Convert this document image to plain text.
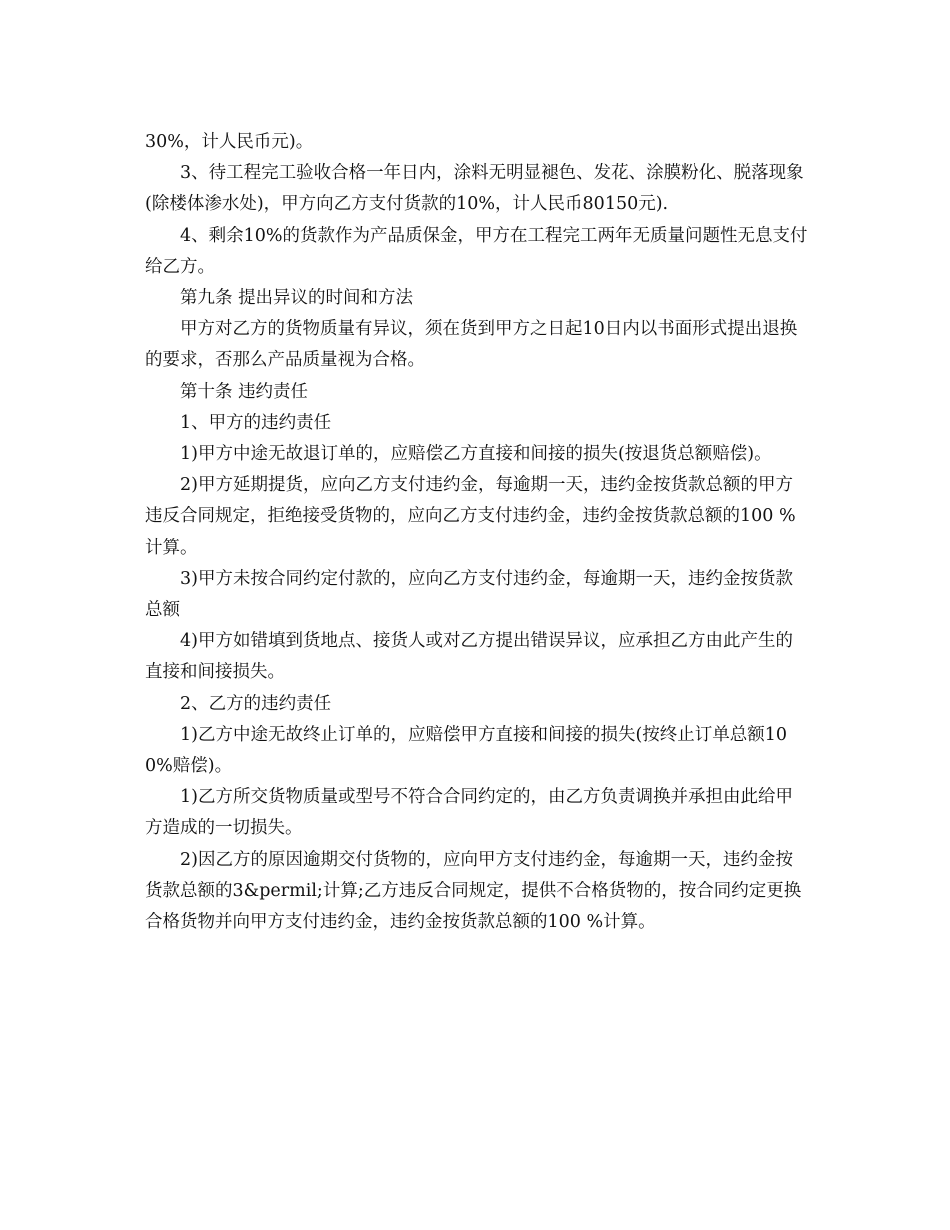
30%，计人民币元)。

3、待工程完工验收合格一年日内，涂料无明显褪色、发花、涂膜粉化、脱落现象(除楼体渗水处)，甲方向乙方支付货款的10%，计人民币80150元).

4、剩余10%的货款作为产品质保金，甲方在工程完工两年无质量问题性无息支付给乙方。

第九条 提出异议的时间和方法

甲方对乙方的货物质量有异议，须在货到甲方之日起10日内以书面形式提出退换的要求，否那么产品质量视为合格。

第十条 违约责任

1、甲方的违约责任

1)甲方中途无故退订单的，应赔偿乙方直接和间接的损失(按退货总额赔偿)。

2)甲方延期提货，应向乙方支付违约金，每逾期一天，违约金按货款总额的甲方违反合同规定，拒绝接受货物的，应向乙方支付违约金，违约金按货款总额的100 %计算。

3)甲方未按合同约定付款的，应向乙方支付违约金，每逾期一天，违约金按货款总额

4)甲方如错填到货地点、接货人或对乙方提出错误异议，应承担乙方由此产生的直接和间接损失。

2、乙方的违约责任

1)乙方中途无故终止订单的，应赔偿甲方直接和间接的损失(按终止订单总额100%赔偿)。

1)乙方所交货物质量或型号不符合合同约定的，由乙方负责调换并承担由此给甲方造成的一切损失。

2)因乙方的原因逾期交付货物的，应向甲方支付违约金，每逾期一天，违约金按货款总额的3&permil;计算;乙方违反合同规定，提供不合格货物的，按合同约定更换合格货物并向甲方支付违约金，违约金按货款总额的100 %计算。
